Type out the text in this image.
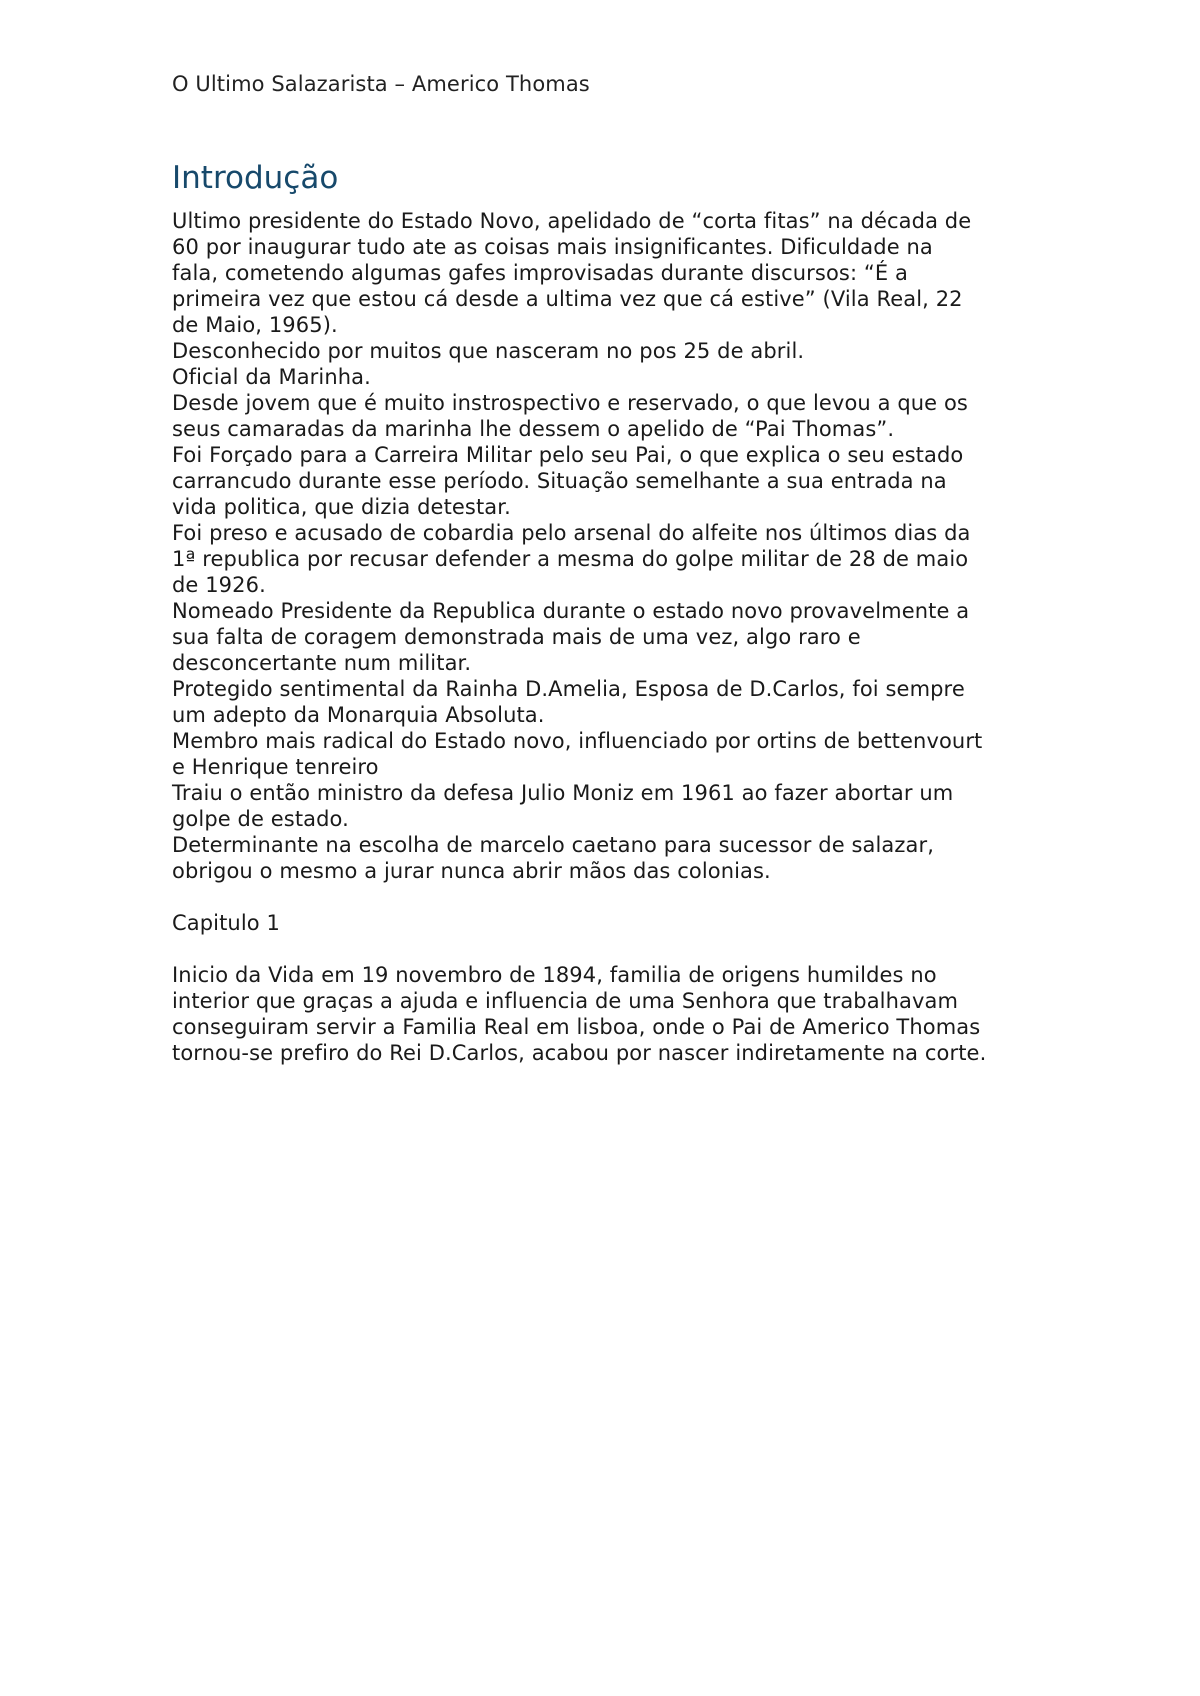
O Ultimo Salazarista – Americo Thomas
Introdução

Ultimo presidente do Estado Novo, apelidado de “corta fitas” na década de

60 por inaugurar tudo ate as coisas mais insignificantes. Dificuldade na

fala, cometendo algumas gafes improvisadas durante discursos: “É a

primeira vez que estou cá desde a ultima vez que cá estive” (Vila Real, 22

de Maio, 1965).

Desconhecido por muitos que nasceram no pos 25 de abril.

Oficial da Marinha.

Desde jovem que é muito instrospectivo e reservado, o que levou a que os

seus camaradas da marinha lhe dessem o apelido de “Pai Thomas”.

Foi Forçado para a Carreira Militar pelo seu Pai, o que explica o seu estado

carrancudo durante esse período. Situação semelhante a sua entrada na

vida politica, que dizia detestar.

Foi preso e acusado de cobardia pelo arsenal do alfeite nos últimos dias da

1ª republica por recusar defender a mesma do golpe militar de 28 de maio

de 1926.

Nomeado Presidente da Republica durante o estado novo provavelmente a

sua falta de coragem demonstrada mais de uma vez, algo raro e

desconcertante num militar.

Protegido sentimental da Rainha D.Amelia, Esposa de D.Carlos, foi sempre

um adepto da Monarquia Absoluta.

Membro mais radical do Estado novo, influenciado por ortins de bettenvourt

e Henrique tenreiro

Traiu o então ministro da defesa Julio Moniz em 1961 ao fazer abortar um

golpe de estado.

Determinante na escolha de marcelo caetano para sucessor de salazar,

obrigou o mesmo a jurar nunca abrir mãos das colonias.

Capitulo 1

Inicio da Vida em 19 novembro de 1894, familia de origens humildes no

interior que graças a ajuda e influencia de uma Senhora que trabalhavam

conseguiram servir a Familia Real em lisboa, onde o Pai de Americo Thomas

tornou-se prefiro do Rei D.Carlos, acabou por nascer indiretamente na corte.
